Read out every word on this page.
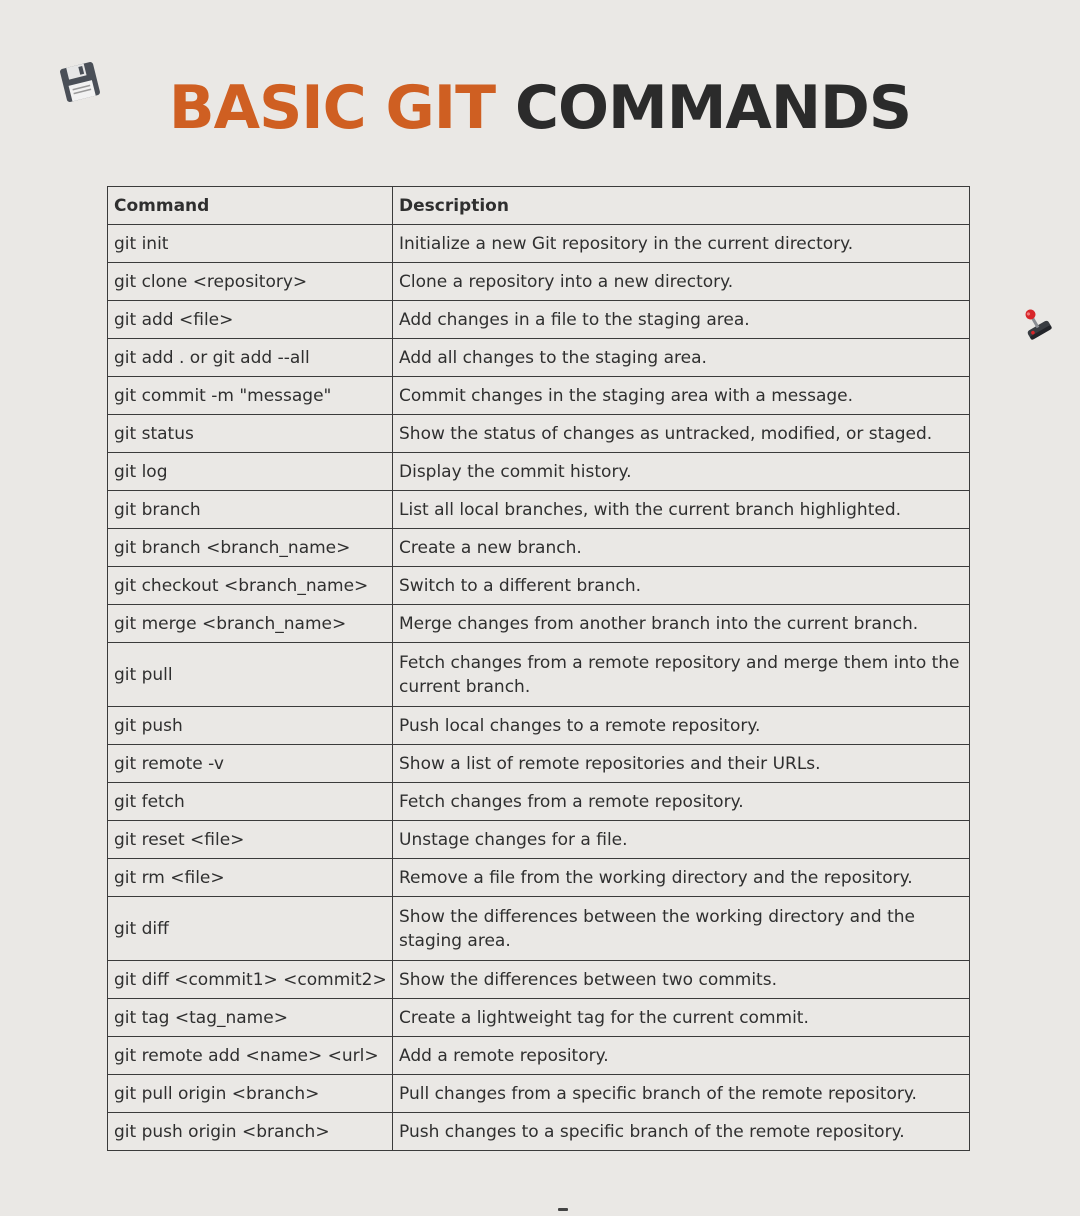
BASIC GIT COMMANDS
Command	Description
git init	Initialize a new Git repository in the current directory.
git clone <repository>	Clone a repository into a new directory.
git add <file>	Add changes in a file to the staging area.
git add . or git add --all	Add all changes to the staging area.
git commit -m "message"	Commit changes in the staging area with a message.
git status	Show the status of changes as untracked, modified, or staged.
git log	Display the commit history.
git branch	List all local branches, with the current branch highlighted.
git branch <branch_name>	Create a new branch.
git checkout <branch_name>	Switch to a different branch.
git merge <branch_name>	Merge changes from another branch into the current branch.
git pull	Fetch changes from a remote repository and merge them into the current branch.
git push	Push local changes to a remote repository.
git remote -v	Show a list of remote repositories and their URLs.
git fetch	Fetch changes from a remote repository.
git reset <file>	Unstage changes for a file.
git rm <file>	Remove a file from the working directory and the repository.
git diff	Show the differences between the working directory and the staging area.
git diff <commit1> <commit2>	Show the differences between two commits.
git tag <tag_name>	Create a lightweight tag for the current commit.
git remote add <name> <url>	Add a remote repository.
git pull origin <branch>	Pull changes from a specific branch of the remote repository.
git push origin <branch>	Push changes to a specific branch of the remote repository.
